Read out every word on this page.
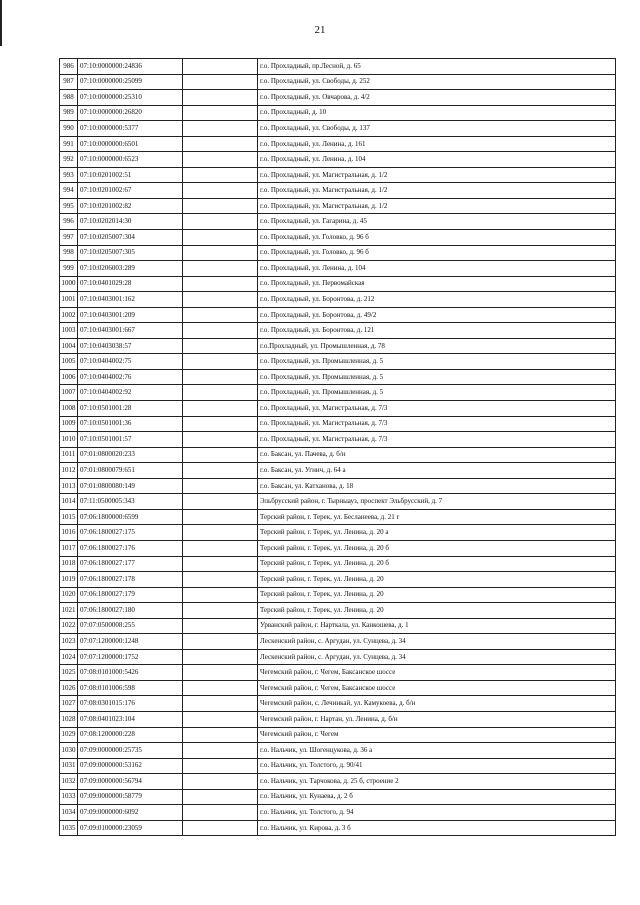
21
986	07:10:0000000:24836		г.о. Прохладный, пр.Лесной, д. 65
987	07:10:0000000:25099		г.о. Прохладный, ул. Свободы, д. 252
988	07:10:0000000:25310		г.о. Прохладный, ул. Овчарова, д. 4/2
989	07:10:0000000:26820		г.о. Прохладный, д. 10
990	07:10:0000000:5377		г.о. Прохладный, ул. Свободы, д. 137
991	07:10:0000000:6501		г.о. Прохладный, ул. Ленина, д. 161
992	07:10:0000000:6523		г.о. Прохладный, ул. Ленина, д. 104
993	07:10:0201002:51		г.о. Прохладный, ул. Магистральная, д. 1/2
994	07:10:0201002:67		г.о. Прохладный, ул. Магистральная, д. 1/2
995	07:10:0201002:82		г.о. Прохладный, ул. Магистральная, д. 1/2
996	07:10:0202014:30		г.о. Прохладный, ул. Гагарина, д. 45
997	07:10:0205007:304		г.о. Прохладный, ул. Головко, д. 96 б
998	07:10:0205007:305		г.о. Прохладный, ул. Головко, д. 96 б
999	07:10:0206003:289		г.о. Прохладный, ул. Ленина, д. 104
1000	07:10:0401029:28		г.о. Прохладный, ул. Первомайская
1001	07:10:0403001:162		г.о. Прохладный, ул. Боронтова, д. 212
1002	07:10:0403001:209		г.о. Прохладный, ул. Боронтова, д. 49/2
1003	07:10:0403001:667		г.о. Прохладный, ул. Боронтова, д. 121
1004	07:10:0403038:57		г.о.Прохладный, ул. Промышленная, д. 78
1005	07:10:0404002:75		г.о. Прохладный, ул. Промышленная, д. 5
1006	07:10:0404002:76		г.о. Прохладный, ул. Промышленная, д. 5
1007	07:10:0404002:92		г.о. Прохладный, ул. Промышленная, д. 5
1008	07:10:0501001:28		г.о. Прохладный, ул. Магистральная, д. 7/3
1009	07:10:0501001:36		г.о. Прохладный, ул. Магистральная, д. 7/3
1010	07:10:0501001:57		г.о. Прохладный, ул. Магистральная, д. 7/3
1011	07:01:0800020:233		г.о. Баксан, ул. Пачева, д. б/н
1012	07:01:0800079:651		г.о. Баксан, ул. Угнич, д. 64 а
1013	07:01:0800080:149		г.о. Баксан, ул. Катханова, д. 18
1014	07:11:0500005:343		Эльбрусский район, г. Тырныауз, проспект Эльбрусский, д. 7
1015	07:06:1800000:6599		Терский район, г. Терек, ул. Бесланеева, д. 21 г
1016	07:06:1800027:175		Терский район, г. Терек, ул. Ленина, д. 20 а
1017	07:06:1800027:176		Терский район, г. Терек, ул. Ленина, д. 20 б
1018	07:06:1800027:177		Терский район, г. Терек, ул. Ленина, д. 20 б
1019	07:06:1800027:178		Терский район, г. Терек, ул. Ленина, д. 20
1020	07:06:1800027:179		Терский район, г. Терек, ул. Ленина, д. 20
1021	07:06:1800027:180		Терский район, г. Терек, ул. Ленина, д. 20
1022	07:07:0500008:255		Урванский район, г. Нарткала, ул. Канкошева, д. 1
1023	07:07:1200000:1248		Лескенский район, с. Аргудан, ул. Сунцева, д. 34
1024	07:07:1200000:1752		Лескенский район, с. Аргудан, ул. Сунцева, д. 34
1025	07:08:0101000:5426		Чегемский район, г. Чегем, Баксанское шоссе
1026	07:08:0101006:598		Чегемский район, г. Чегем, Баксанское шоссе
1027	07:08:0301015:176		Чегемский район, с. Лечинкай, ул. Камукоева, д. б/н
1028	07:08:0401023:104		Чегемский район, г. Нартан, ул. Ленина, д. б/н
1029	07:08:1200000:228		Чегемский район, г. Чегем
1030	07:09:0000000:25735		г.о. Нальчик, ул. Шогенцукова, д. 36 а
1031	07:09:0000000:53162		г.о. Нальчик, ул. Толстого, д. 90/41
1032	07:09:0000000:56794		г.о. Нальчик, ул. Тарчокова, д. 25 б, строение 2
1033	07:09:0000000:58779		г.о. Нальчик, ул. Кунаева, д. 2 б
1034	07:09:0000000:6092		г.о. Нальчик, ул. Толстого, д. 94
1035	07:09:0100000:23059		г.о. Нальчик, ул. Кирова, д. 3 б
